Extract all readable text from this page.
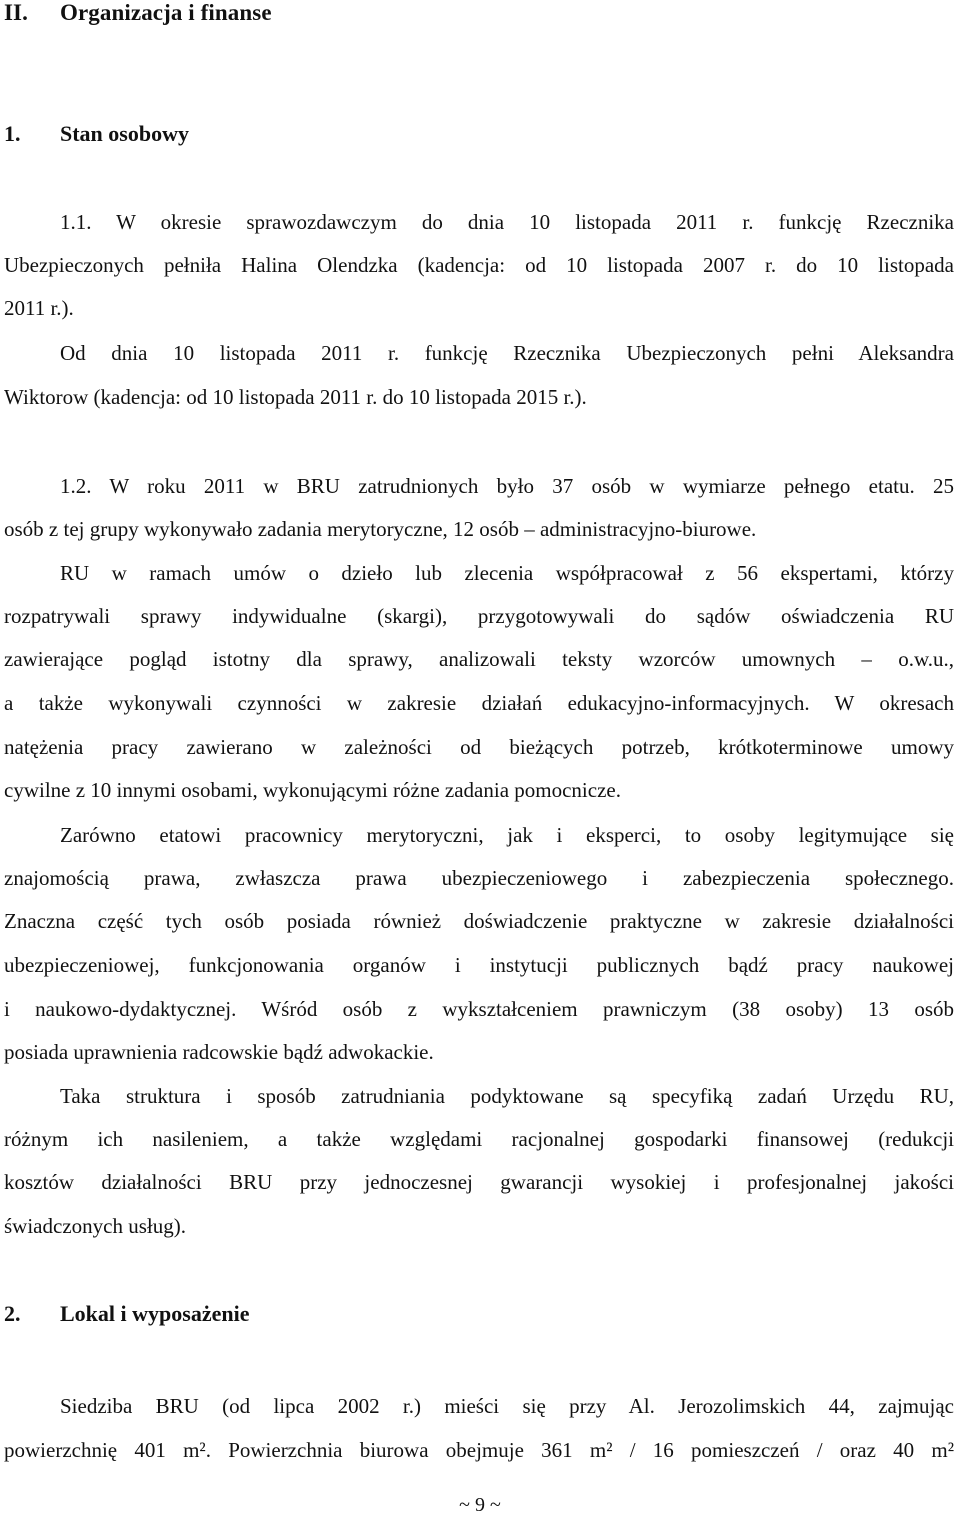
II. Organizacja i finanse
1. Stan osobowy
1.1. W okresie sprawozdawczym do dnia 10 listopada 2011 r. funkcję Rzecznika
Ubezpieczonych pełniła Halina Olendzka (kadencja: od 10 listopada 2007 r. do 10 listopada
2011 r.).
Od dnia 10 listopada 2011 r. funkcję Rzecznika Ubezpieczonych pełni Aleksandra
Wiktorow (kadencja: od 10 listopada 2011 r. do 10 listopada 2015 r.).
1.2. W roku 2011 w BRU zatrudnionych było 37 osób w wymiarze pełnego etatu. 25
osób z tej grupy wykonywało zadania merytoryczne, 12 osób – administracyjno-biurowe.
RU w ramach umów o dzieło lub zlecenia współpracował z 56 ekspertami, którzy
rozpatrywali sprawy indywidualne (skargi), przygotowywali do sądów oświadczenia RU
zawierające pogląd istotny dla sprawy, analizowali teksty wzorców umownych – o.w.u.,
a także wykonywali czynności w zakresie działań edukacyjno-informacyjnych. W okresach
natężenia pracy zawierano w zależności od bieżących potrzeb, krótkoterminowe umowy
cywilne z 10 innymi osobami, wykonującymi różne zadania pomocnicze.
Zarówno etatowi pracownicy merytoryczni, jak i eksperci, to osoby legitymujące się
znajomością prawa, zwłaszcza prawa ubezpieczeniowego i zabezpieczenia społecznego.
Znaczna część tych osób posiada również doświadczenie praktyczne w zakresie działalności
ubezpieczeniowej, funkcjonowania organów i instytucji publicznych bądź pracy naukowej
i naukowo-dydaktycznej. Wśród osób z wykształceniem prawniczym (38 osoby) 13 osób
posiada uprawnienia radcowskie bądź adwokackie.
Taka struktura i sposób zatrudniania podyktowane są specyfiką zadań Urzędu RU,
różnym ich nasileniem, a także względami racjonalnej gospodarki finansowej (redukcji
kosztów działalności BRU przy jednoczesnej gwarancji wysokiej i profesjonalnej jakości
świadczonych usług).
2. Lokal i wyposażenie
Siedziba BRU (od lipca 2002 r.) mieści się przy Al. Jerozolimskich 44, zajmując
powierzchnię 401 m². Powierzchnia biurowa obejmuje 361 m² / 16 pomieszczeń / oraz 40 m²
~ 9 ~
